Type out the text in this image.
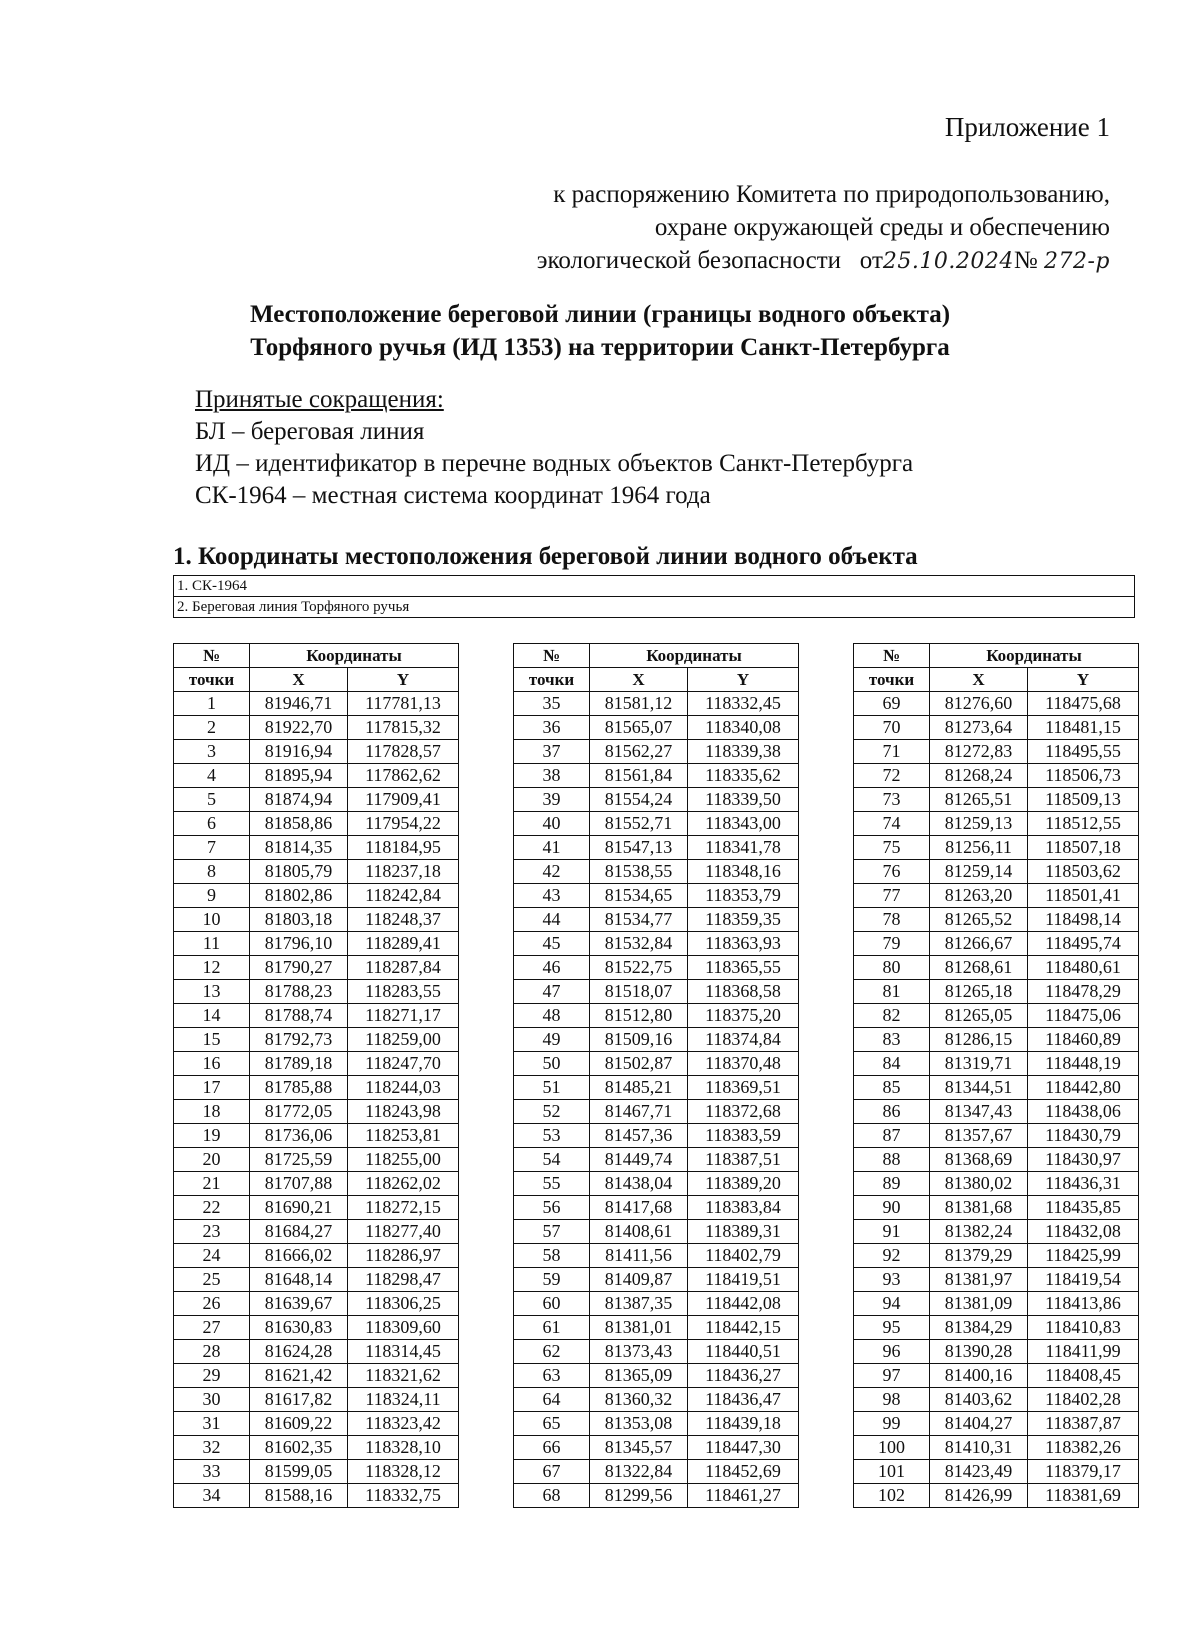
Приложение 1
к распоряжению Комитета по природопользованию,
охране окружающей среды и обеспечению
экологической безопасности от25.10.2024№ 272-р
Местоположение береговой линии (границы водного объекта)
Торфяного ручья (ИД 1353) на территории Санкт-Петербурга
Принятые сокращения:
БЛ – береговая линия
ИД – идентификатор в перечне водных объектов Санкт-Петербурга
СК-1964 – местная система координат 1964 года
1. Координаты местоположения береговой линии водного объекта
1. СК-1964
2. Береговая линия Торфяного ручья
№	Координаты	
точки	X	Y
1	81946,71	117781,13
2	81922,70	117815,32
3	81916,94	117828,57
4	81895,94	117862,62
5	81874,94	117909,41
6	81858,86	117954,22
7	81814,35	118184,95
8	81805,79	118237,18
9	81802,86	118242,84
10	81803,18	118248,37
11	81796,10	118289,41
12	81790,27	118287,84
13	81788,23	118283,55
14	81788,74	118271,17
15	81792,73	118259,00
16	81789,18	118247,70
17	81785,88	118244,03
18	81772,05	118243,98
19	81736,06	118253,81
20	81725,59	118255,00
21	81707,88	118262,02
22	81690,21	118272,15
23	81684,27	118277,40
24	81666,02	118286,97
25	81648,14	118298,47
26	81639,67	118306,25
27	81630,83	118309,60
28	81624,28	118314,45
29	81621,42	118321,62
30	81617,82	118324,11
31	81609,22	118323,42
32	81602,35	118328,10
33	81599,05	118328,12
34	81588,16	118332,75
№	Координаты	
точки	X	Y
35	81581,12	118332,45
36	81565,07	118340,08
37	81562,27	118339,38
38	81561,84	118335,62
39	81554,24	118339,50
40	81552,71	118343,00
41	81547,13	118341,78
42	81538,55	118348,16
43	81534,65	118353,79
44	81534,77	118359,35
45	81532,84	118363,93
46	81522,75	118365,55
47	81518,07	118368,58
48	81512,80	118375,20
49	81509,16	118374,84
50	81502,87	118370,48
51	81485,21	118369,51
52	81467,71	118372,68
53	81457,36	118383,59
54	81449,74	118387,51
55	81438,04	118389,20
56	81417,68	118383,84
57	81408,61	118389,31
58	81411,56	118402,79
59	81409,87	118419,51
60	81387,35	118442,08
61	81381,01	118442,15
62	81373,43	118440,51
63	81365,09	118436,27
64	81360,32	118436,47
65	81353,08	118439,18
66	81345,57	118447,30
67	81322,84	118452,69
68	81299,56	118461,27
№	Координаты	
точки	X	Y
69	81276,60	118475,68
70	81273,64	118481,15
71	81272,83	118495,55
72	81268,24	118506,73
73	81265,51	118509,13
74	81259,13	118512,55
75	81256,11	118507,18
76	81259,14	118503,62
77	81263,20	118501,41
78	81265,52	118498,14
79	81266,67	118495,74
80	81268,61	118480,61
81	81265,18	118478,29
82	81265,05	118475,06
83	81286,15	118460,89
84	81319,71	118448,19
85	81344,51	118442,80
86	81347,43	118438,06
87	81357,67	118430,79
88	81368,69	118430,97
89	81380,02	118436,31
90	81381,68	118435,85
91	81382,24	118432,08
92	81379,29	118425,99
93	81381,97	118419,54
94	81381,09	118413,86
95	81384,29	118410,83
96	81390,28	118411,99
97	81400,16	118408,45
98	81403,62	118402,28
99	81404,27	118387,87
100	81410,31	118382,26
101	81423,49	118379,17
102	81426,99	118381,69
